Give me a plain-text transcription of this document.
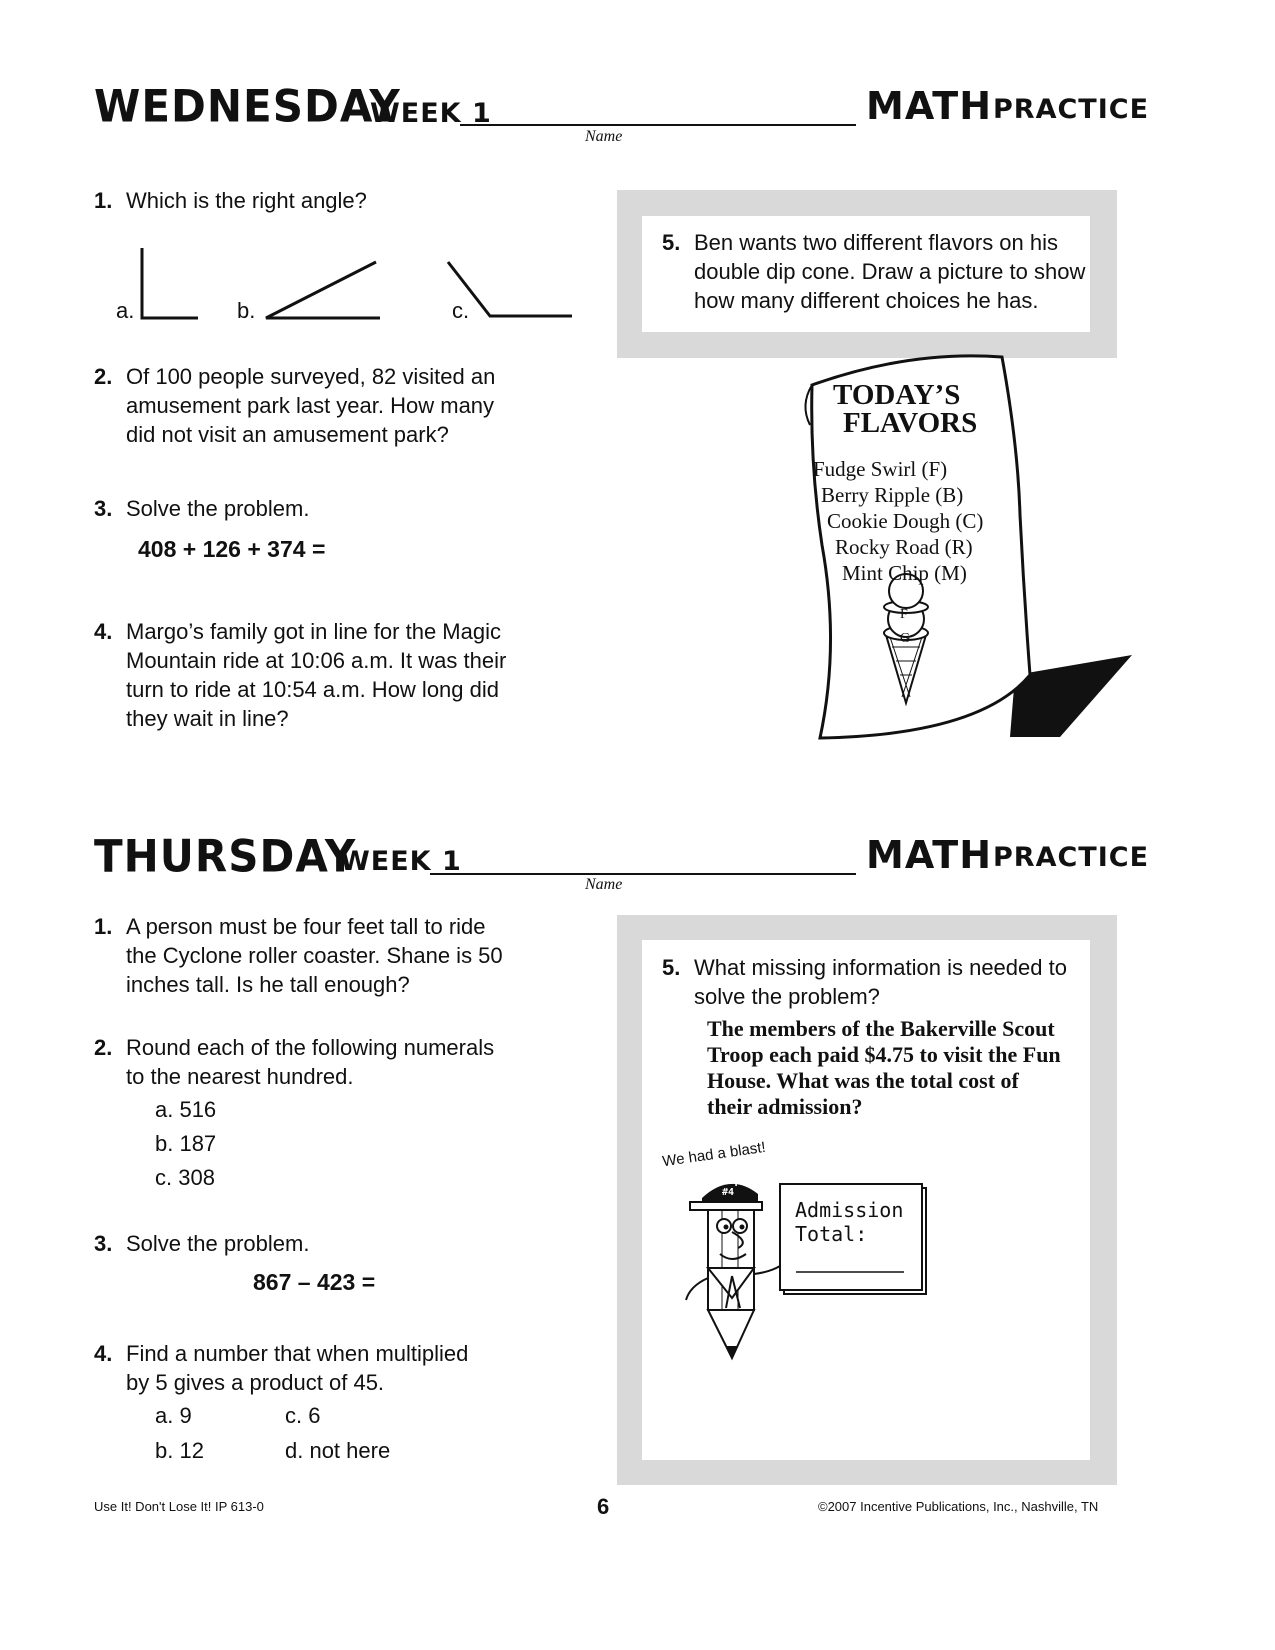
WEDNESDAY
WEEK 1
Name
MATH PRACTICE
1. Which is the right angle?
a.	b.	c.
2. Of 100 people surveyed, 82 visited an
amusement park last year. How many
did not visit an amusement park?
3. Solve the problem.
408 + 126 + 374 =
4. Margo’s family got in line for the Magic
Mountain ride at 10:06 a.m. It was their
turn to ride at 10:54 a.m. How long did
they wait in line?
5. Ben wants two different flavors on his
double dip cone. Draw a picture to show
how many different choices he has.
TODAY’S
FLAVORS
Fudge Swirl (F)
Berry Ripple (B)
Cookie Dough (C)
Rocky Road (R)
Mint Chip (M)
F
G
THURSDAY
WEEK 1
Name
MATH PRACTICE
1. A person must be four feet tall to ride
the Cyclone roller coaster. Shane is 50
inches tall. Is he tall enough?
2. Round each of the following numerals
to the nearest hundred.
a. 516
b. 187
c. 308
3. Solve the problem.
867 – 423 =
4. Find a number that when multiplied
by 5 gives a product of 45.
a. 9	c. 6
b. 12	d. not here
5. What missing information is needed to
solve the problem?
The members of the Bakerville Scout
Troop each paid $4.75 to visit the Fun
House. What was the total cost of
their admission?
We had a blast!
Troop
#4
Admission
Total:
Use It! Don't Lose It! IP 613-0	6	©2007 Incentive Publications, Inc., Nashville, TN
